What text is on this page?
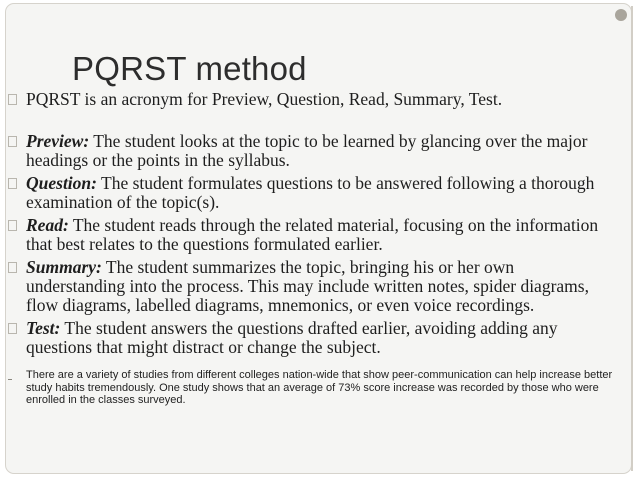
PQRST method
PQRST is an acronym for Preview, Question, Read, Summary, Test.
Preview: The student looks at the topic to be learned by glancing over the major headings or the points in the syllabus.
Question: The student formulates questions to be answered following a thorough examination of the topic(s).
Read: The student reads through the related material, focusing on the information that best relates to the questions formulated earlier.
Summary: The student summarizes the topic, bringing his or her own understanding into the process. This may include written notes, spider diagrams, flow diagrams, labelled diagrams, mnemonics, or even voice recordings.
Test: The student answers the questions drafted earlier, avoiding adding any questions that might distract or change the subject.
There are a variety of studies from different colleges nation-wide that show peer-communication can help increase better study habits tremendously. One study shows that an average of 73% score increase was recorded by those who were enrolled in the classes surveyed.
